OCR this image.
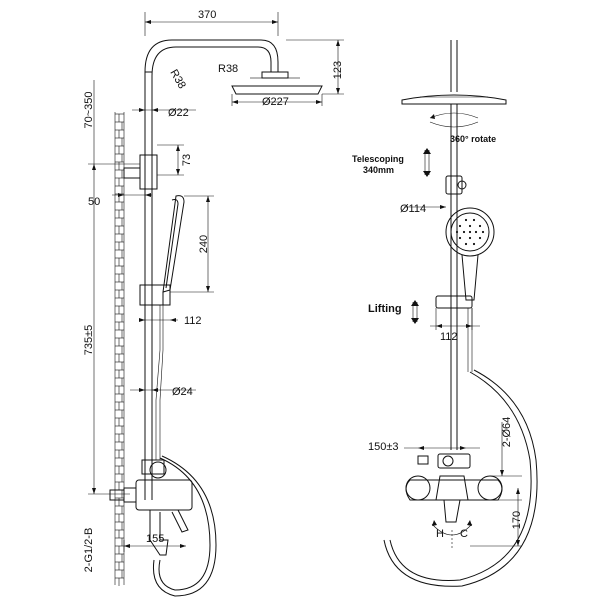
370
123
R38	R38
Ø227
Ø22
70~350
73
50
240
112
735±5
Ø24
2-G1/2-B	155
360° rotate
Telescoping
340mm
Ø114
Lifting
112
150±3
H C
2-Ø64
170
